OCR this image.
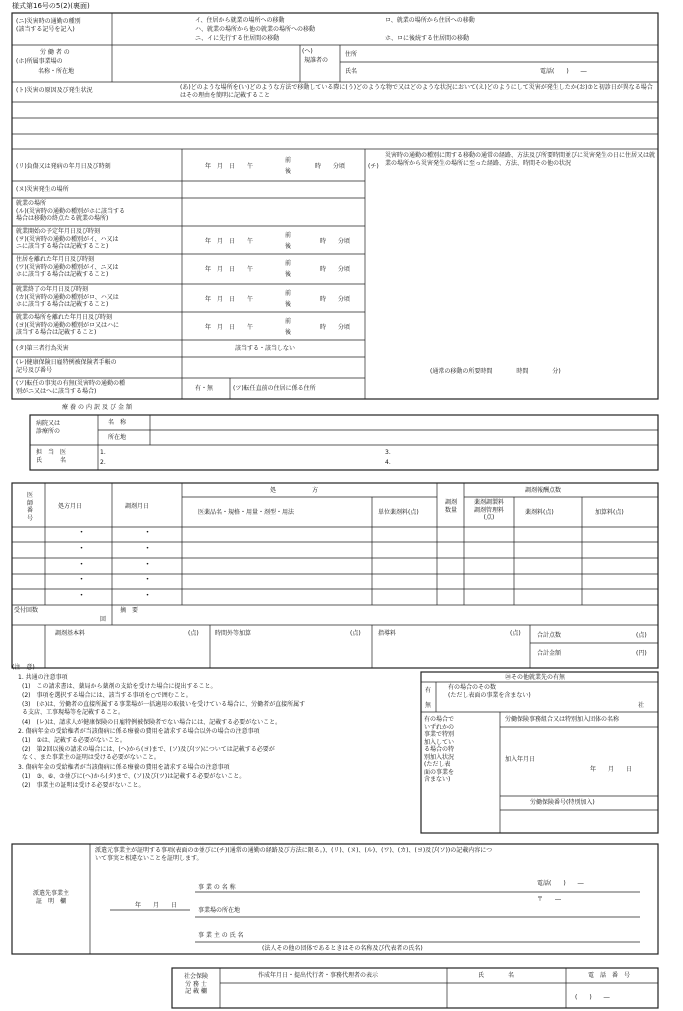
様式第16号の5(2)(裏面)
(ニ)災害時の通勤の種別
(該当する記号を記入)
イ、住居から就業の場所への移動
ハ、就業の場所から他の就業の場所への移動
ニ、イに先行する住居間の移動
ロ、就業の場所から住居への移動
ホ、ロに後続する住居間の移動
労 働 者 の
(ホ)所属事業場の
名称・所在地
(ヘ)
規誰者の
住所
氏名	電話(　　)　　―
(ト)災害の原因及び発生状況	(あ)どのような場所を(い)どのような方法で移動している際に(う)どのような物で又はどのような状況において(え)どのようにして災害が発生したか(お)⑦と初診日が異なる場合はその理由を簡明に記載すること
(リ)負傷又は発病の年月日及び時刻	年　月　日　　午
前
後
時　　分頃	(チ)
災害時の通勤の種別に関する移動の通常の経路、方法及び所要時間並びに災害発生の日に住居又は就業の場所から災害発生の場所に至った経路、方法、時間その他の状況
(ヌ)災害発生の場所
就業の場所
(ル)(災害時の通勤の種別がホに該当する
場合は移動の終点たる就業の場所)
就業開始の予定年月日及び時刻
(ヲ)(災害時の通勤の種別がイ、ハ又は
ニに該当する場合は記載すること)
年　月　日　　午
前
後
時　　分頃
住居を離れた年月日及び時刻
(ワ)(災害時の通勤の種別がイ、ニ又は
ホに該当する場合は記載すること)
年　月　日　　午
前
後
時　　分頃
就業終了の年月日及び時刻
(カ)(災害時の通勤の種別がロ、ハ又は
ホに該当する場合は記載すること)
年　月　日　　午
前
後
時　　分頃
就業の場所を離れた年月日及び時刻
(ヨ)(災害時の通勤の種別がロ又はハに
該当する場合は記載すること)
年　月　日　　午
前
後
時　　分頃
(タ)第三者行為災害	該当する・該当しない
(レ)健康保険日雇特例被保険者手帳の
記号及び番号
(ソ)転任の事実の有無(災害時の通勤の種
別がニ又はへに該当する場合)	有・無	(ツ)転任直前の住居に係る住所
(通常の移動の所要時間　　　　時間　　　　分)
療養の内訳及び金額
病院又は
診療所の
名　称
所在地
担　当　医
氏　　　名
1.
2.
3.
4.
医
師
番
号
処方月日	調剤月日
処　　　　　　方
医薬品名・規格・用量・剤型・用法	単位薬剤料(点)
調剤
数量
調剤報酬点数
薬剤調製料
調剤管理料
(点)
薬剤料(点)	加算料(点)
・	・
・	・
・	・
・	・
・	・
受付回数
回
摘　要
調剤基本料	(点)	時間外等加算	(点)	指導料	(点)	合計点数	(点)
合計金額	(円)
(注　意)
1. 共通の注意事項
(1)　この請求書は、薬局から薬剤の支給を受けた場合に提出すること。
(2)　事項を選択する場合には、該当する事項を○で囲むこと。
(3)　(ホ)は、労働者の直接所属する事業場が一括適用の取扱いを受けている場合に、労働者が直接所属す
る支店、工事現場等を記載すること。
(4)　(レ)は、請求人が健康保険の日雇特例被保険者でない場合には、記載する必要がないこと。
2. 傷病年金の受給権者が当該傷病に係る療養の費用を請求する場合以外の場合の注意事項
(1)　①は、記載する必要がないこと。
(2)　第2回以後の請求の場合には、(ヘ)から(ヨ)まで、(ソ)及び(ツ)については記載する必要が
なく、また事業主の証明は受ける必要がないこと。
3. 傷病年金の受給権者が当該傷病に係る療養の費用を請求する場合の注意事項
(1)　③、⑥、⑦並びに(へ)から(タ)まで、(ソ)及び(ツ)は記載する必要がないこと。
(2)　事業主の証明は受ける必要がないこと。
⑳その他就業先の有無
有
無
有の場合のその数
(ただし表面の事業を含まない)
社
有の場合で
いずれかの
事業で特別
加入してい
る場合の特
別加入状況
(ただし表
面の事業を
含まない)
労働保険事務組合又は特別加入団体の名称
加入年月日
年　　月　　日
労働保険番号(特別加入)
派遣先事業主
証　明　欄
派遣元事業主が証明する事項(表面の⑦並びに(チ)(通常の通勤の経路及び方法に限る。)、(リ)、(ヌ)、(ル)、(ワ)、(カ)、(ヨ)及び(ソ))の記載内容につ
いて事実と相違ないことを証明します。
年　　月　　日
事 業 の 名 称
電話(　　)　　―
〒　　―
事業場の所在地
事 業 主 の 氏 名
(法人その他の団体であるときはその名称及び代表者の氏名)
社会保険
労 務 士
記 載 欄
作成年月日・提出代行者・事務代理者の表示	氏　　　　名	電　話　番　号
(　　)　　―
